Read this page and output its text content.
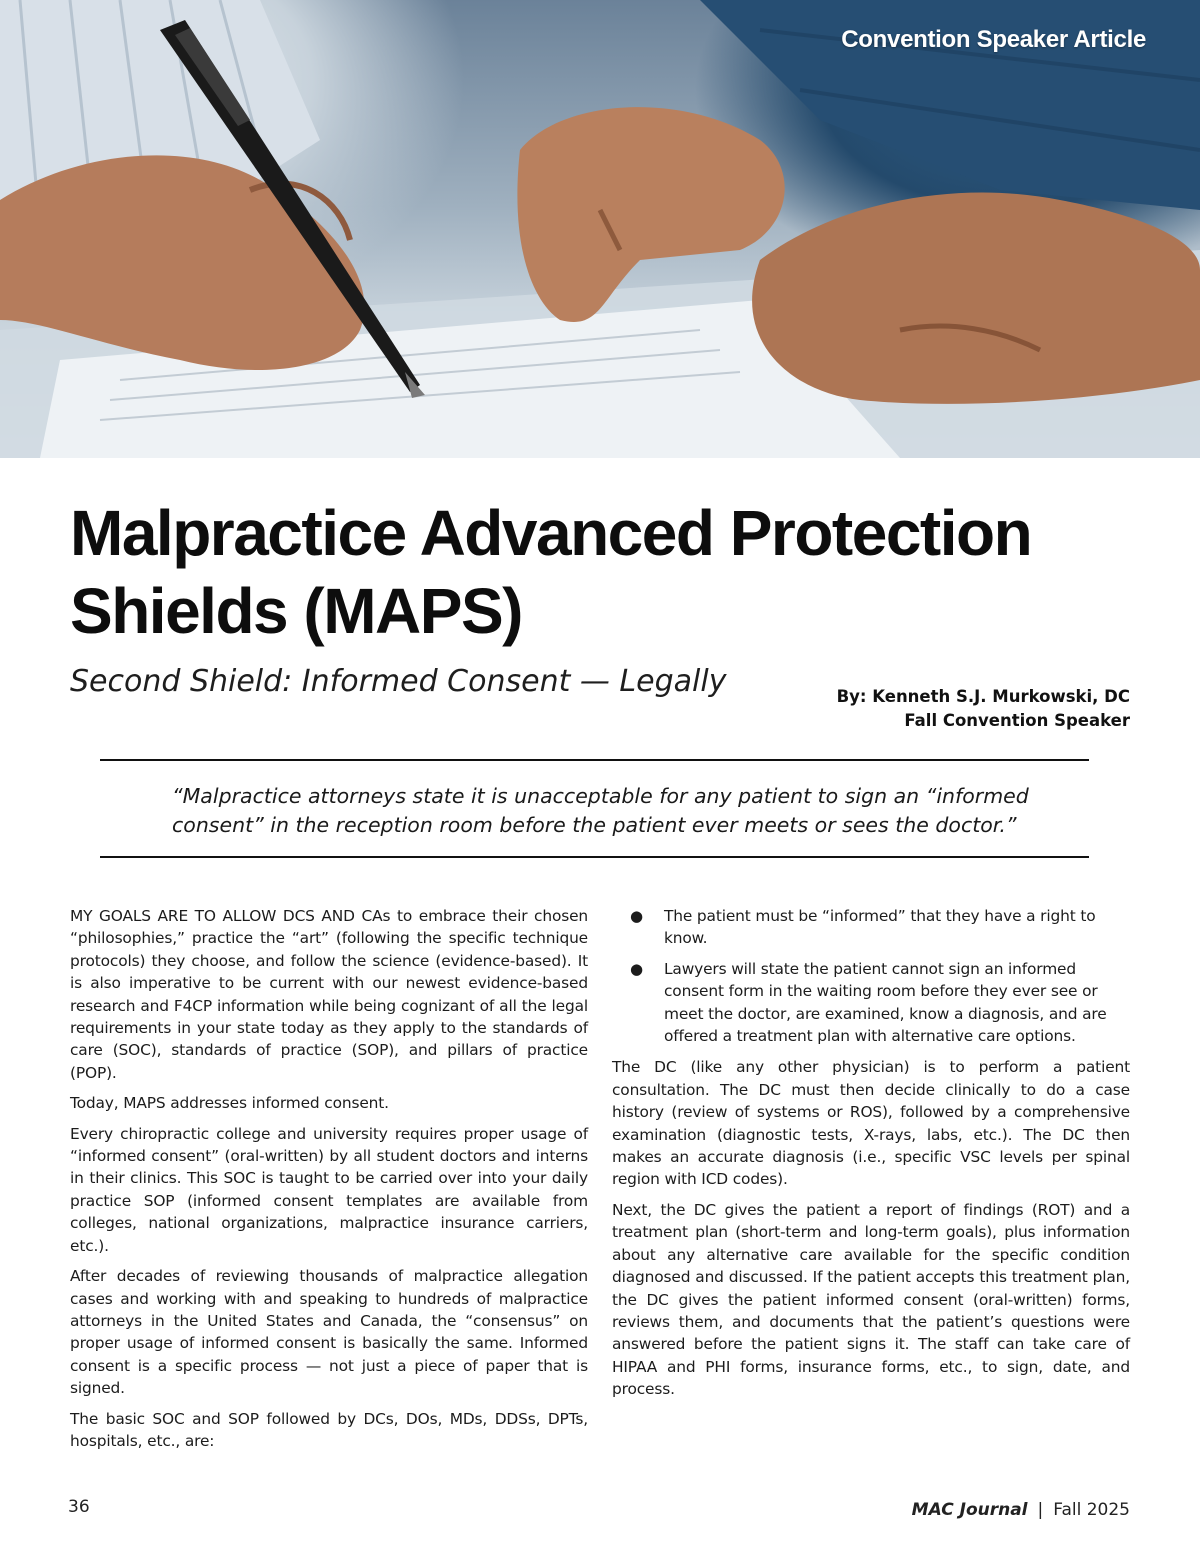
Convention Speaker Article
Malpractice Advanced Protection Shields (MAPS)
Second Shield: Informed Consent — Legally	By: Kenneth S.J. Murkowski, DC
Fall Convention Speaker

“Malpractice attorneys state it is unacceptable for any patient to sign an “informed consent” in the reception room before the patient ever meets or sees the doctor.”

MY GOALS ARE TO ALLOW DCS AND CAs to embrace their chosen “philosophies,” practice the “art” (following the specific technique protocols) they choose, and follow the science (evidence-based). It is also imperative to be current with our newest evidence-based research and F4CP information while being cognizant of all the legal requirements in your state today as they apply to the standards of care (SOC), standards of practice (SOP), and pillars of practice (POP).

Today, MAPS addresses informed consent.

Every chiropractic college and university requires proper usage of “informed consent” (oral-written) by all student doctors and interns in their clinics. This SOC is taught to be carried over into your daily practice SOP (informed consent templates are available from colleges, national organizations, malpractice insurance carriers, etc.).

After decades of reviewing thousands of malpractice allegation cases and working with and speaking to hundreds of malpractice attorneys in the United States and Canada, the “consensus” on proper usage of informed consent is basically the same. Informed consent is a specific process — not just a piece of paper that is signed.

The basic SOC and SOP followed by DCs, DOs, MDs, DDSs, DPTs, hospitals, etc., are:

● The patient must be “informed” that they have a right to know.
● Lawyers will state the patient cannot sign an informed consent form in the waiting room before they ever see or meet the doctor, are examined, know a diagnosis, and are offered a treatment plan with alternative care options.

The DC (like any other physician) is to perform a patient consultation. The DC must then decide clinically to do a case history (review of systems or ROS), followed by a comprehensive examination (diagnostic tests, X-rays, labs, etc.). The DC then makes an accurate diagnosis (i.e., specific VSC levels per spinal region with ICD codes).

Next, the DC gives the patient a report of findings (ROT) and a treatment plan (short-term and long-term goals), plus information about any alternative care available for the specific condition diagnosed and discussed. If the patient accepts this treatment plan, the DC gives the patient informed consent (oral-written) forms, reviews them, and documents that the patient’s questions were answered before the patient signs it. The staff can take care of HIPAA and PHI forms, insurance forms, etc., to sign, date, and process.

36	MAC Journal | Fall 2025
